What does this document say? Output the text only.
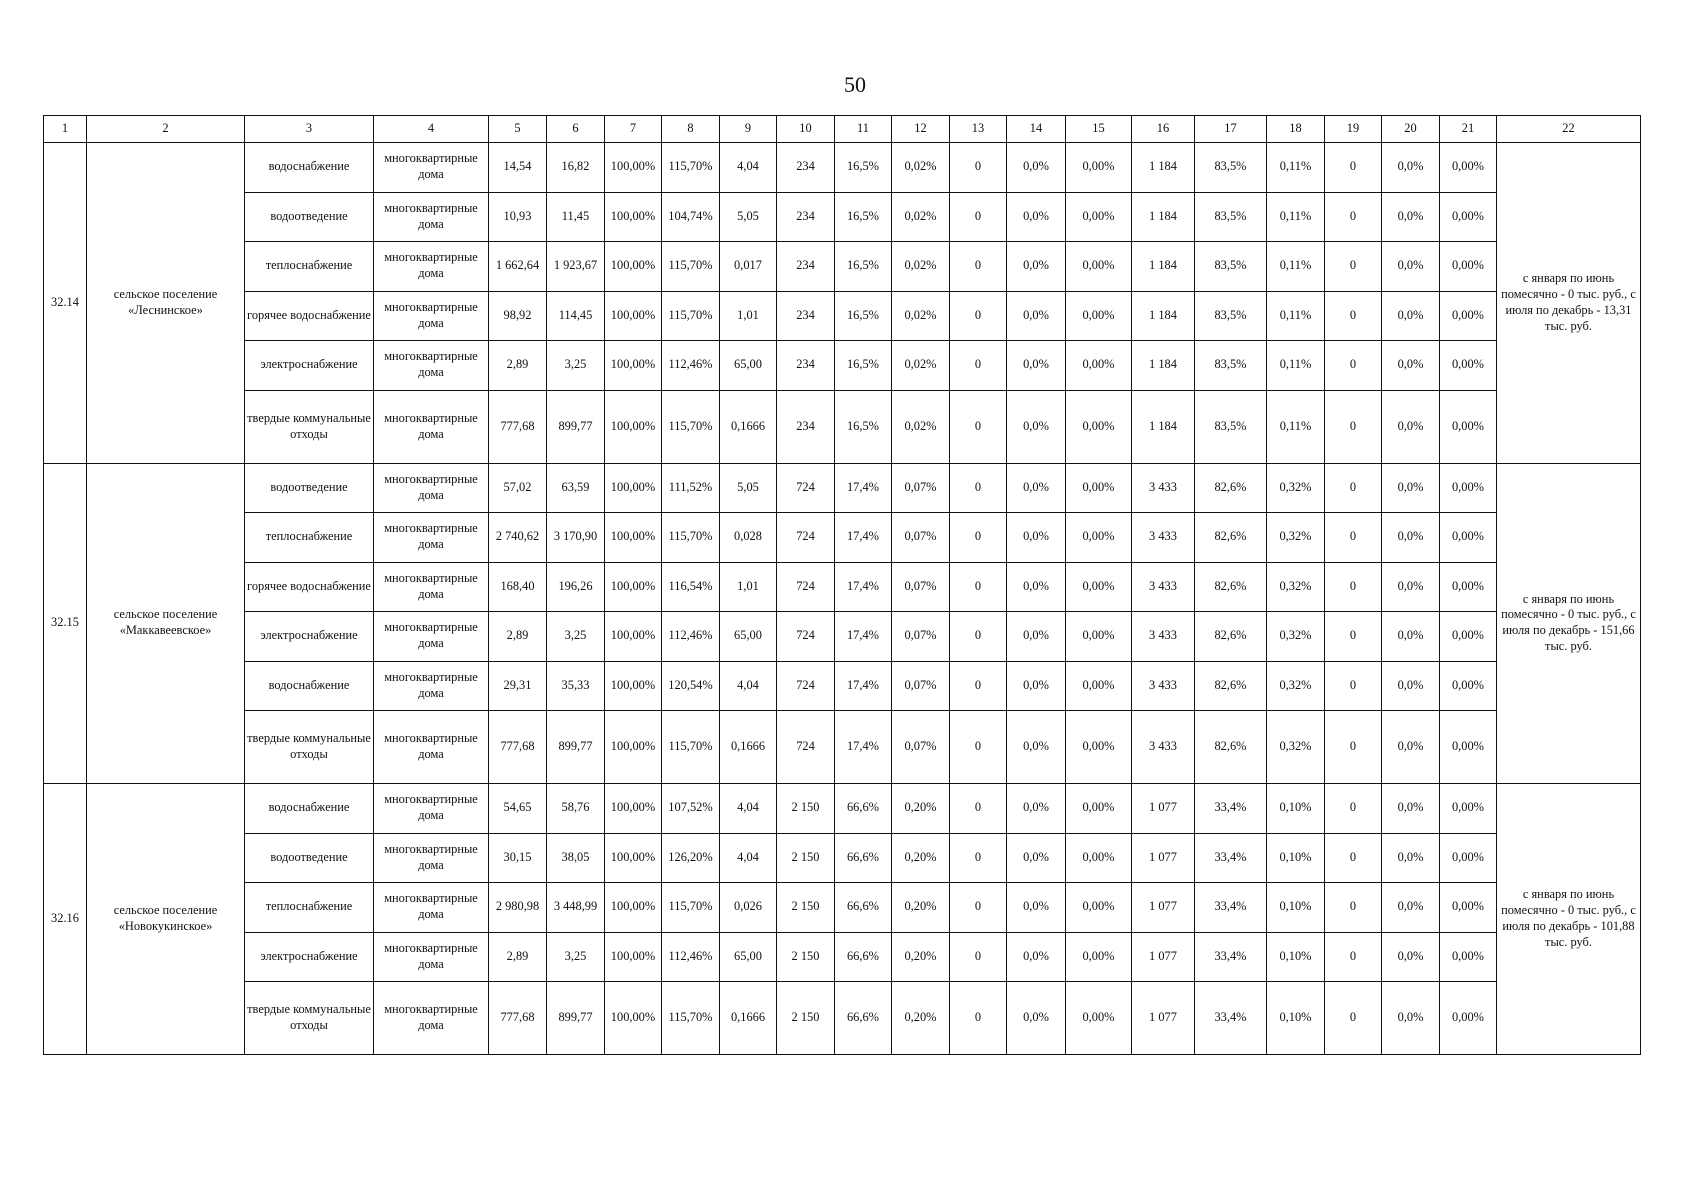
50
1	2	3	4	5	6	7	8	9	10	11	12	13	14	15	16	17	18	19	20	21	22
32.14	сельское поселение «Леснинское»	водоснабжение	многоквартирные дома	14,54	16,82	100,00%	115,70%	4,04	234	16,5%	0,02%	0	0,0%	0,00%	1 184	83,5%	0,11%	0	0,0%	0,00%	с января по июнь помесячно - 0 тыс. руб., с июля по декабрь - 13,31 тыс. руб.
		водоотведение	многоквартирные дома	10,93	11,45	100,00%	104,74%	5,05	234	16,5%	0,02%	0	0,0%	0,00%	1 184	83,5%	0,11%	0	0,0%	0,00%	
		теплоснабжение	многоквартирные дома	1 662,64	1 923,67	100,00%	115,70%	0,017	234	16,5%	0,02%	0	0,0%	0,00%	1 184	83,5%	0,11%	0	0,0%	0,00%	
		горячее водоснабжение	многоквартирные дома	98,92	114,45	100,00%	115,70%	1,01	234	16,5%	0,02%	0	0,0%	0,00%	1 184	83,5%	0,11%	0	0,0%	0,00%	
		электроснабжение	многоквартирные дома	2,89	3,25	100,00%	112,46%	65,00	234	16,5%	0,02%	0	0,0%	0,00%	1 184	83,5%	0,11%	0	0,0%	0,00%	
		твердые коммунальные отходы	многоквартирные дома	777,68	899,77	100,00%	115,70%	0,1666	234	16,5%	0,02%	0	0,0%	0,00%	1 184	83,5%	0,11%	0	0,0%	0,00%	
32.15	сельское поселение «Маккавеевское»	водоотведение	многоквартирные дома	57,02	63,59	100,00%	111,52%	5,05	724	17,4%	0,07%	0	0,0%	0,00%	3 433	82,6%	0,32%	0	0,0%	0,00%	с января по июнь помесячно - 0 тыс. руб., с июля по декабрь - 151,66 тыс. руб.
		теплоснабжение	многоквартирные дома	2 740,62	3 170,90	100,00%	115,70%	0,028	724	17,4%	0,07%	0	0,0%	0,00%	3 433	82,6%	0,32%	0	0,0%	0,00%	
		горячее водоснабжение	многоквартирные дома	168,40	196,26	100,00%	116,54%	1,01	724	17,4%	0,07%	0	0,0%	0,00%	3 433	82,6%	0,32%	0	0,0%	0,00%	
		электроснабжение	многоквартирные дома	2,89	3,25	100,00%	112,46%	65,00	724	17,4%	0,07%	0	0,0%	0,00%	3 433	82,6%	0,32%	0	0,0%	0,00%	
		водоснабжение	многоквартирные дома	29,31	35,33	100,00%	120,54%	4,04	724	17,4%	0,07%	0	0,0%	0,00%	3 433	82,6%	0,32%	0	0,0%	0,00%	
		твердые коммунальные отходы	многоквартирные дома	777,68	899,77	100,00%	115,70%	0,1666	724	17,4%	0,07%	0	0,0%	0,00%	3 433	82,6%	0,32%	0	0,0%	0,00%	
32.16	сельское поселение «Новокукинское»	водоснабжение	многоквартирные дома	54,65	58,76	100,00%	107,52%	4,04	2 150	66,6%	0,20%	0	0,0%	0,00%	1 077	33,4%	0,10%	0	0,0%	0,00%	с января по июнь помесячно - 0 тыс. руб., с июля по декабрь - 101,88 тыс. руб.
		водоотведение	многоквартирные дома	30,15	38,05	100,00%	126,20%	4,04	2 150	66,6%	0,20%	0	0,0%	0,00%	1 077	33,4%	0,10%	0	0,0%	0,00%	
		теплоснабжение	многоквартирные дома	2 980,98	3 448,99	100,00%	115,70%	0,026	2 150	66,6%	0,20%	0	0,0%	0,00%	1 077	33,4%	0,10%	0	0,0%	0,00%	
		электроснабжение	многоквартирные дома	2,89	3,25	100,00%	112,46%	65,00	2 150	66,6%	0,20%	0	0,0%	0,00%	1 077	33,4%	0,10%	0	0,0%	0,00%	
		твердые коммунальные отходы	многоквартирные дома	777,68	899,77	100,00%	115,70%	0,1666	2 150	66,6%	0,20%	0	0,0%	0,00%	1 077	33,4%	0,10%	0	0,0%	0,00%	
